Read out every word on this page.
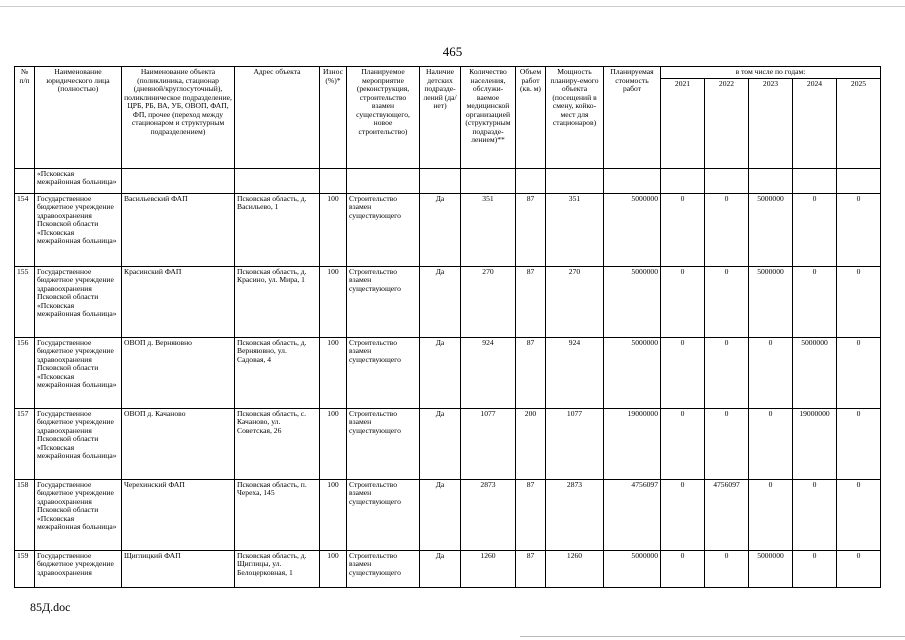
465
№ п/п	Наименование юридического лица (полностью)	Наименование объекта (поликлиника, стационар (дневной/круглосуточный), поликлиническое подразделение, ЦРБ, РБ, ВА, УБ, ОВОП, ФАП, ФП, прочее (переход между стационаром и структурным подразделением)	Адрес объекта	Износ (%)*	Планируемое мероприятие (реконструкция, строительство взамен существующего, новое строительство)	Наличие детских подразде-лений (да/нет)	Количество населения, обслужи-ваемое медицинской организацией (структурным подразде-лением)**	Объем работ (кв. м)	Мощность планиру-емого объекта (посещений в смену, койко-мест для стационаров)	Планируемая стоимость работ	в том числе по годам:				
											2021	2022	2023	2024	2025
	«Псковская межрайонная больница»														
154	Государственное бюджетное учреждение здравоохранения Псковской области «Псковская межрайонная больница»	Васильевский ФАП	Псковская область, д. Васильево, 1	100	Строительство взамен существующего	Да	351	87	351	5000000	0	0	5000000	0	0
155	Государственное бюджетное учреждение здравоохранения Псковской области «Псковская межрайонная больница»	Красинский ФАП	Псковская область, д. Красино, ул. Мира, 1	100	Строительство взамен существующего	Да	270	87	270	5000000	0	0	5000000	0	0
156	Государственное бюджетное учреждение здравоохранения Псковской области «Псковская межрайонная больница»	ОВОП д. Верняювно	Псковская область, д. Верняювно, ул. Садовая, 4	100	Строительство взамен существующего	Да	924	87	924	5000000	0	0	0	5000000	0
157	Государственное бюджетное учреждение здравоохранения Псковской области «Псковская межрайонная больница»	ОВОП д. Качаново	Псковская область, с. Качаново, ул. Советская, 26	100	Строительство взамен существующего	Да	1077	200	1077	19000000	0	0	0	19000000	0
158	Государственное бюджетное учреждение здравоохранения Псковской области «Псковская межрайонная больница»	Черехинский ФАП	Псковская область, п. Череха, 145	100	Строительство взамен существующего	Да	2873	87	2873	4756097	0	4756097	0	0	0
159	Государственное бюджетное учреждение здравоохранения	Щиглицкий ФАП	Псковская область, д. Щиглицы, ул. Белоцерковная, 1	100	Строительство взамен существующего	Да	1260	87	1260	5000000	0	0	5000000	0	0
85Д.doc
